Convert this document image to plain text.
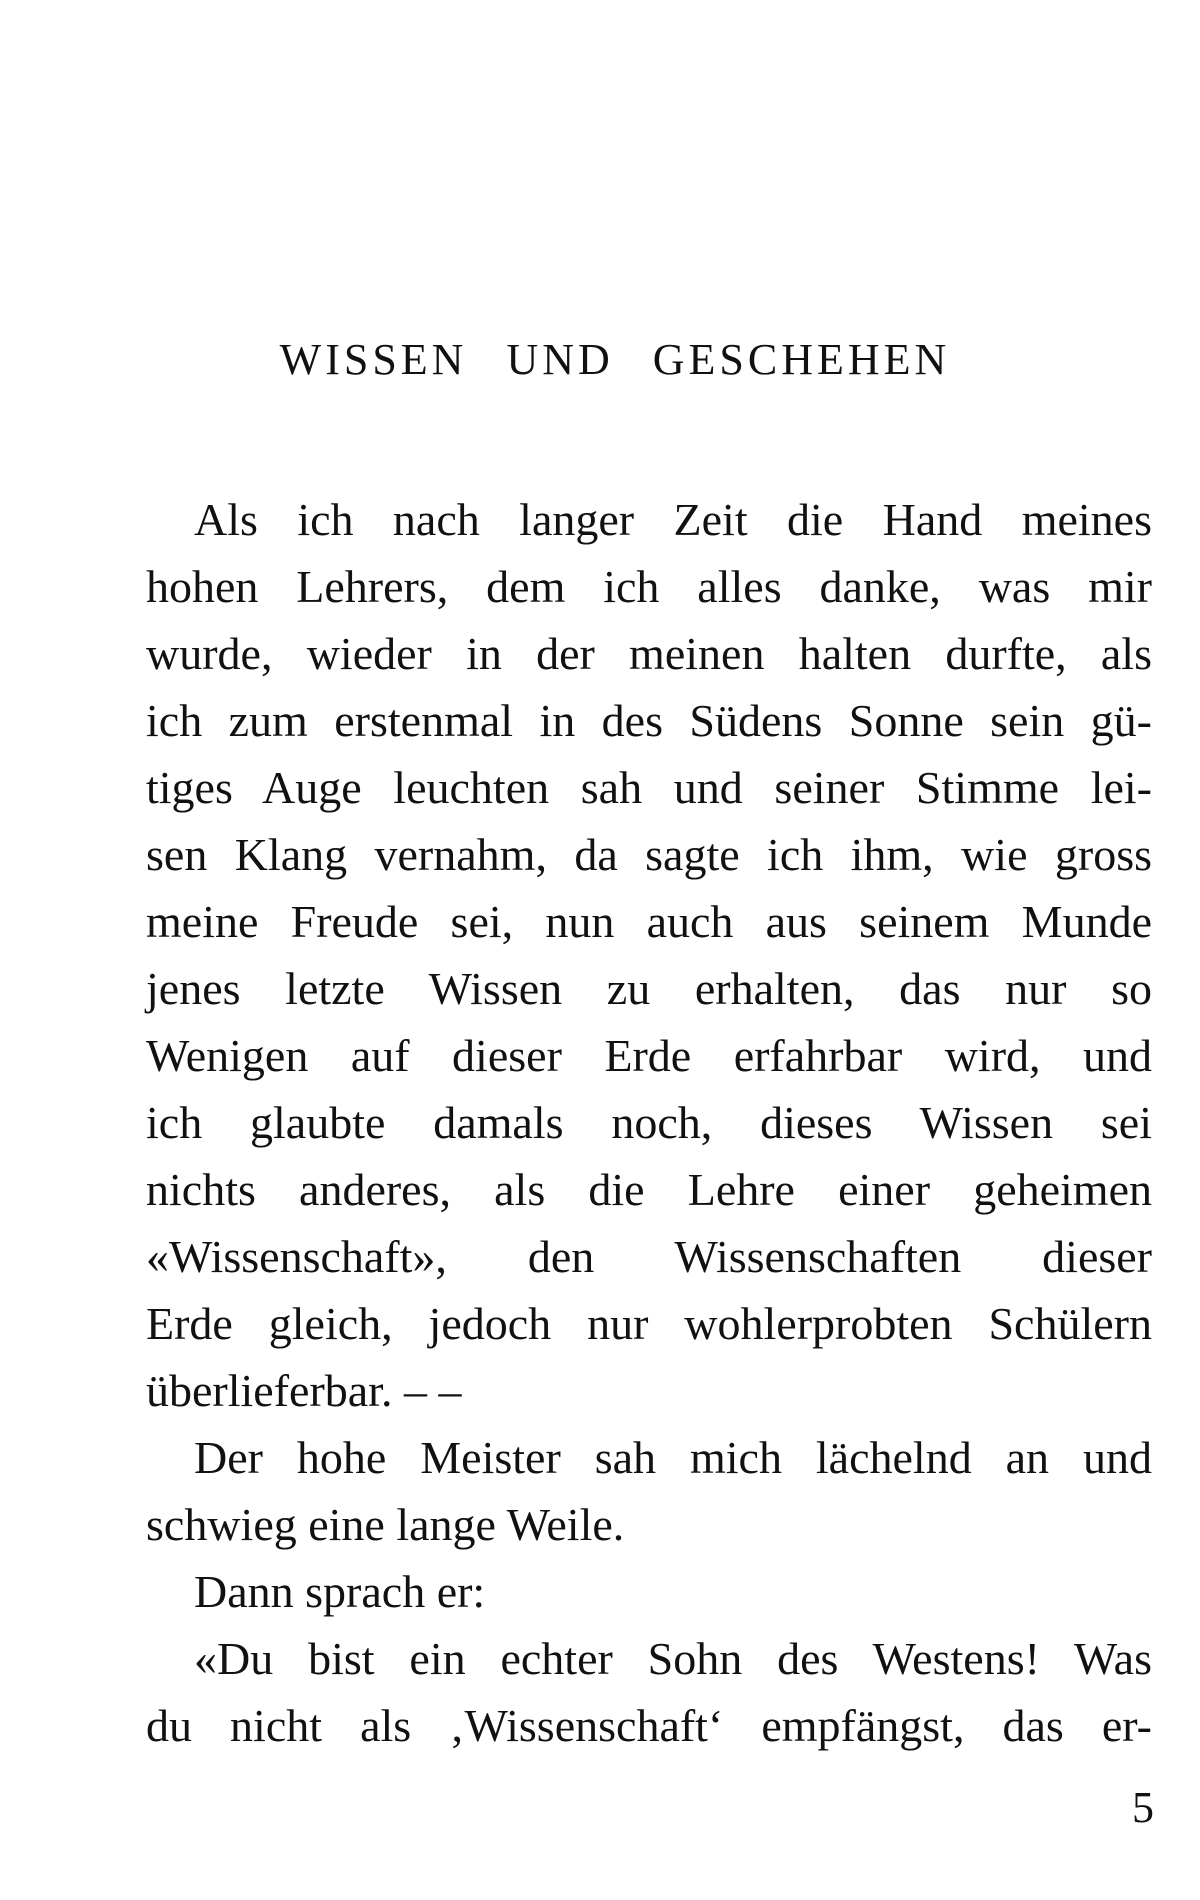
WISSEN UND GESCHEHEN
Als ich nach langer Zeit die Hand meines
hohen Lehrers, dem ich alles danke, was mir
wurde, wieder in der meinen halten durfte, als
ich zum erstenmal in des Südens Sonne sein gü-
tiges Auge leuchten sah und seiner Stimme lei-
sen Klang vernahm, da sagte ich ihm, wie gross
meine Freude sei, nun auch aus seinem Munde
jenes letzte Wissen zu erhalten, das nur so
Wenigen auf dieser Erde erfahrbar wird, und
ich glaubte damals noch, dieses Wissen sei
nichts anderes, als die Lehre einer geheimen
«Wissenschaft», den Wissenschaften dieser
Erde gleich, jedoch nur wohlerprobten Schülern
überlieferbar. – –
Der hohe Meister sah mich lächelnd an und
schwieg eine lange Weile.
Dann sprach er:
«Du bist ein echter Sohn des Westens! Was
du nicht als ‚Wissenschaft‘ empfängst, das er-
5
